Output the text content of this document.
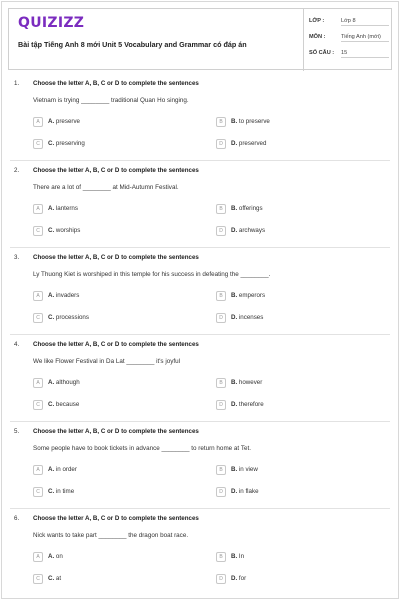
QUIZIZZ
Bài tập Tiếng Anh 8 mới Unit 5 Vocabulary and Grammar có đáp án
LỚP :	Lớp 8
MÔN :	Tiếng Anh (mới)
SỐ CÂU : 15
1. Choose the letter A, B, C or D to complete the sentences
Vietnam is trying ________ traditional Quan Ho singing.
A	A. preserve	B	B. to preserve
C	C. preserving	D	D. preserved
2. Choose the letter A, B, C or D to complete the sentences
There are a lot of ________ at Mid-Autumn Festival.
A	A. lanterns	B	B. offerings
C	C. worships	D	D. archways
3. Choose the letter A, B, C or D to complete the sentences
Ly Thuong Kiet is worshiped in this temple for his success in defeating the ________.
A	A. invaders	B	B. emperors
C	C. processions	D	D. incenses
4. Choose the letter A, B, C or D to complete the sentences
We like Flower Festival in Da Lat ________ it's joyful
A	A. although	B	B. however
C	C. because	D	D. therefore
5. Choose the letter A, B, C or D to complete the sentences
Some people have to book tickets in advance ________ to return home at Tet.
A	A. in order	B	B. in view
C	C. in time	D	D. in flake
6. Choose the letter A, B, C or D to complete the sentences
Nick wants to take part ________ the dragon boat race.
A	A. on	B	B. In
C	C. at	D	D. for
